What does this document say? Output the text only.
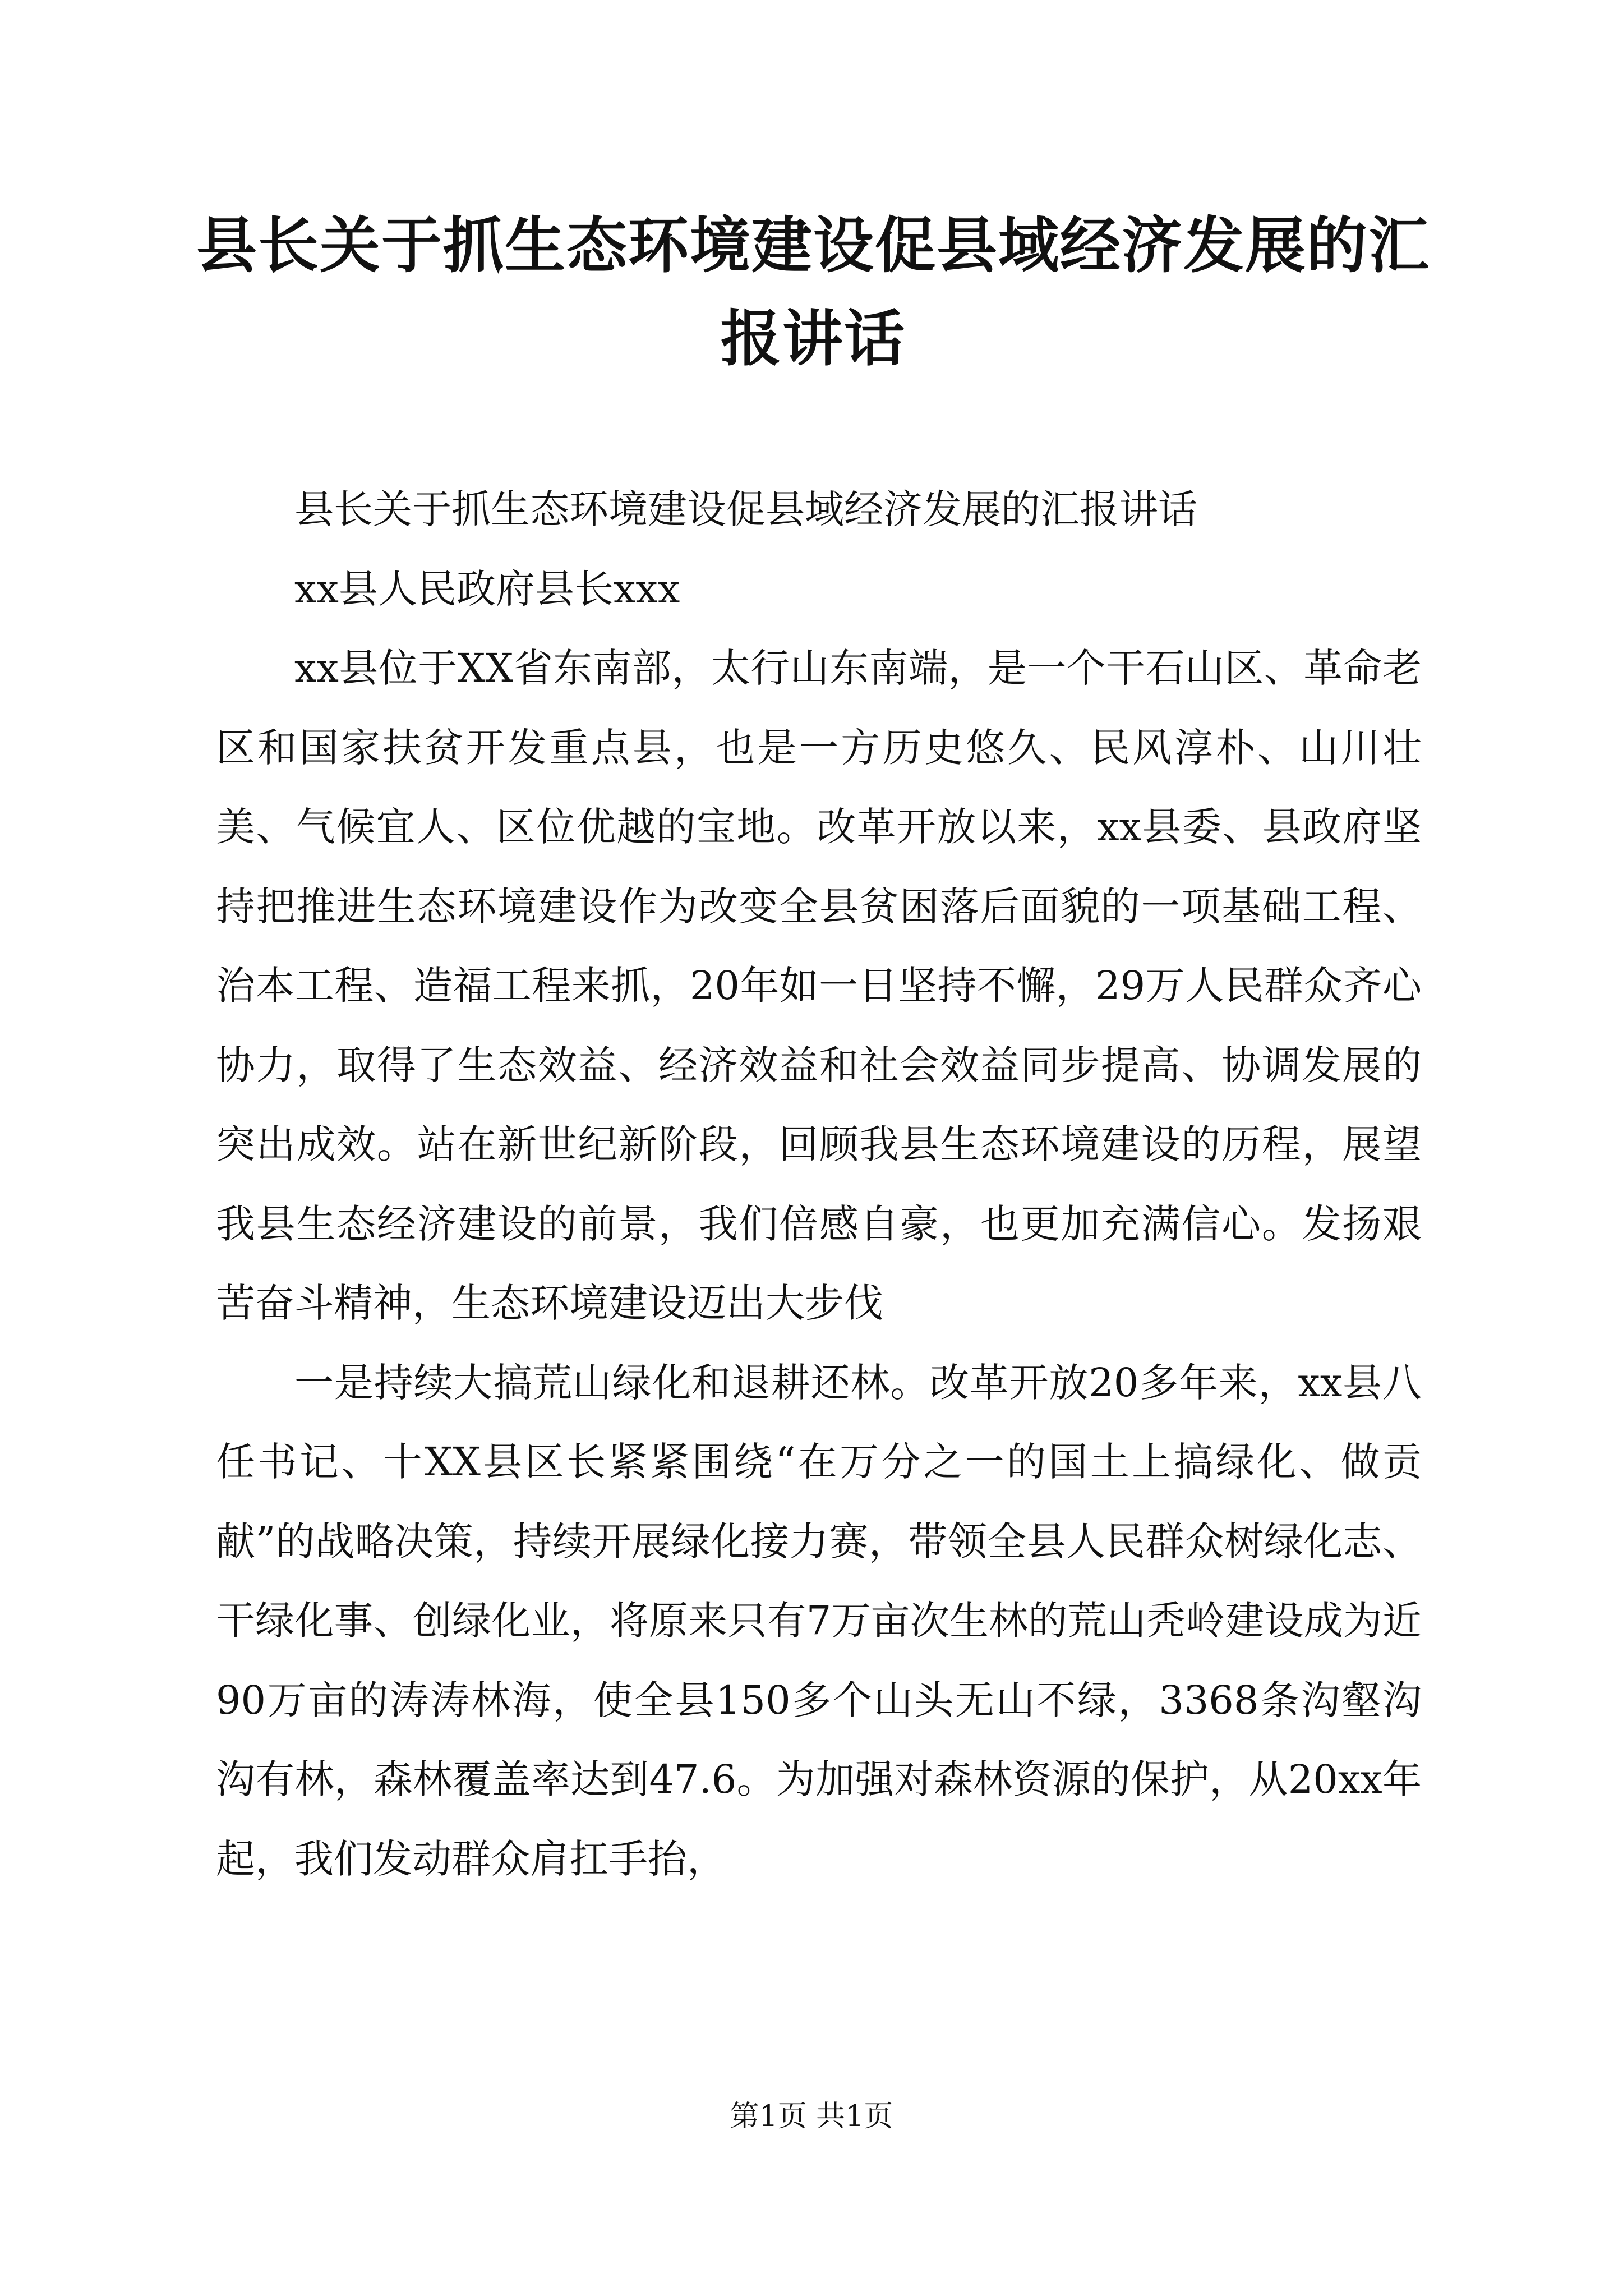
县长关于抓生态环境建设促县域经济发展的汇报讲话

县长关于抓生态环境建设促县域经济发展的汇报讲话

xx县人民政府县长xxx

xx县位于XX省东南部，太行山东南端，是一个干石山区、革命老区和国家扶贫开发重点县，也是一方历史悠久、民风淳朴、山川壮美、气候宜人、区位优越的宝地。改革开放以来，xx县委、县政府坚持把推进生态环境建设作为改变全县贫困落后面貌的一项基础工程、治本工程、造福工程来抓，20年如一日坚持不懈，29万人民群众齐心协力，取得了生态效益、经济效益和社会效益同步提高、协调发展的突出成效。站在新世纪新阶段，回顾我县生态环境建设的历程，展望我县生态经济建设的前景，我们倍感自豪，也更加充满信心。发扬艰苦奋斗精神，生态环境建设迈出大步伐

一是持续大搞荒山绿化和退耕还林。改革开放20多年来，xx县八任书记、十XX县区长紧紧围绕“在万分之一的国土上搞绿化、做贡献”的战略决策，持续开展绿化接力赛，带领全县人民群众树绿化志、干绿化事、创绿化业，将原来只有7万亩次生林的荒山秃岭建设成为近90万亩的涛涛林海，使全县150多个山头无山不绿，3368条沟壑沟沟有林，森林覆盖率达到47.6。为加强对森林资源的保护，从20xx年起，我们发动群众肩扛手抬，

第1页 共1页
